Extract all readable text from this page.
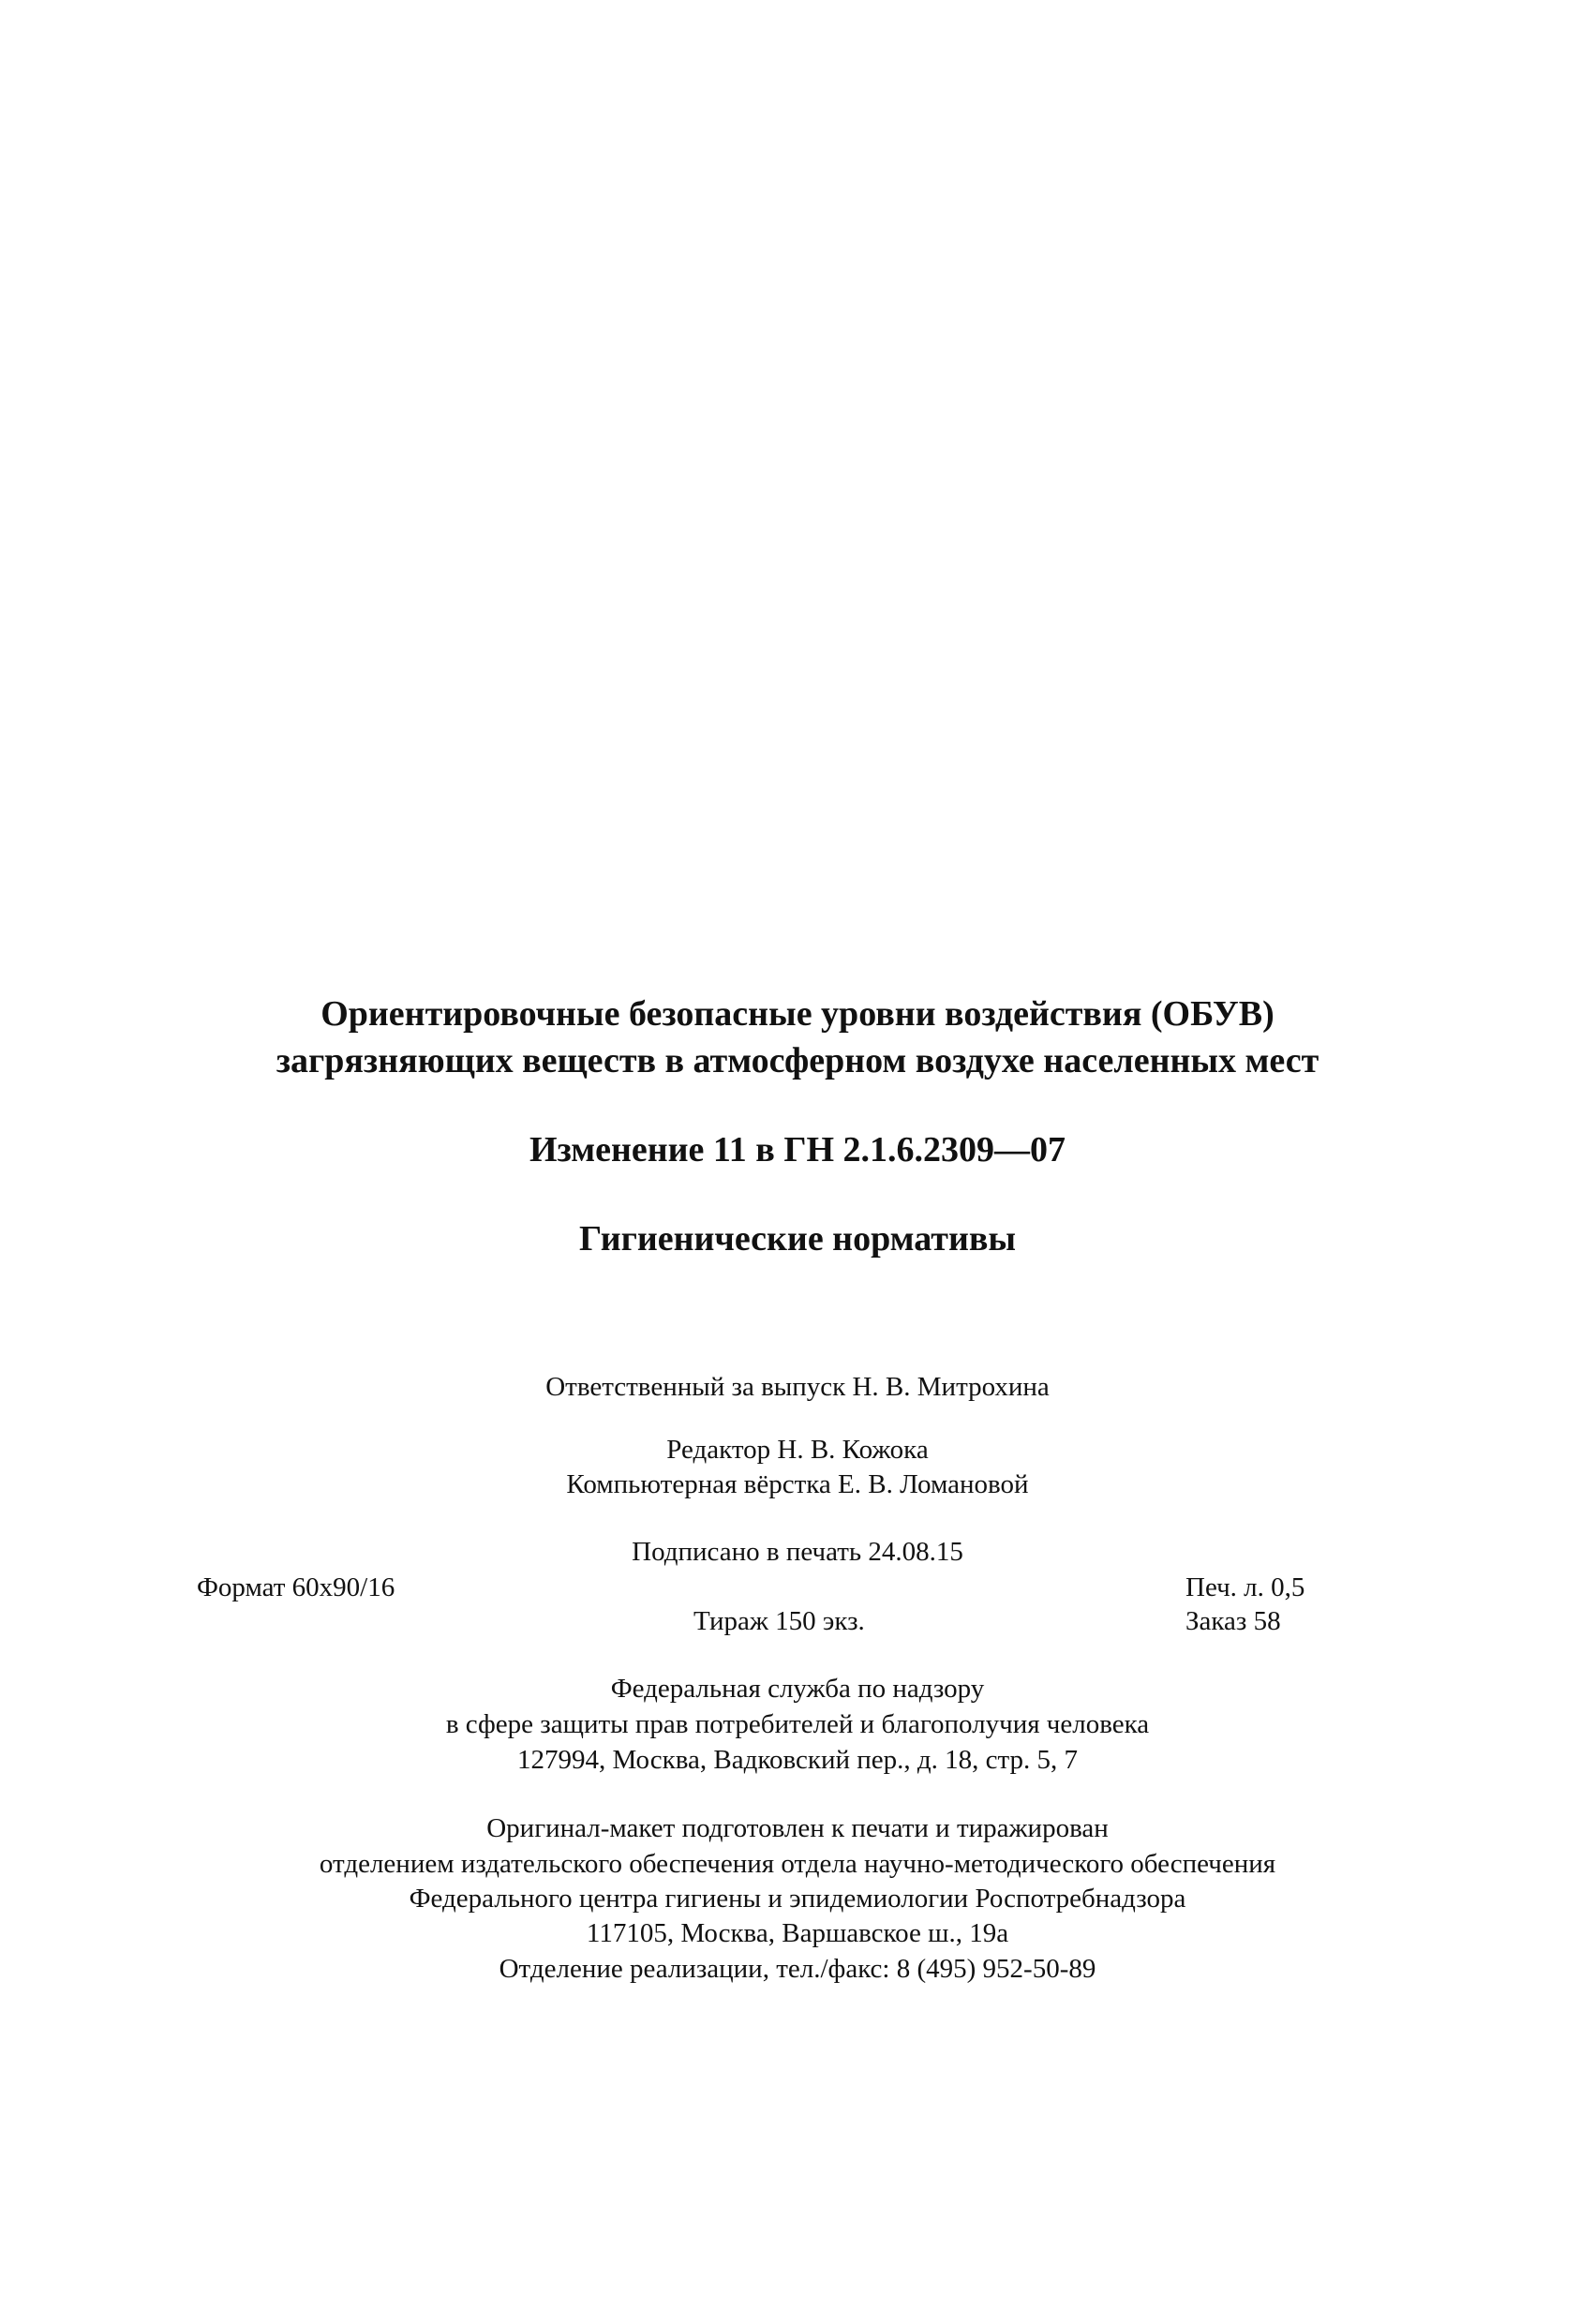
Ориентировочные безопасные уровни воздействия (ОБУВ)
загрязняющих веществ в атмосферном воздухе населенных мест
Изменение 11 в ГН 2.1.6.2309—07
Гигиенические нормативы
Ответственный за выпуск Н. В. Митрохина
Редактор Н. В. Кожока
Компьютерная вёрстка Е. В. Ломановой
Подписано в печать 24.08.15
Формат 60x90/16	Печ. л. 0,5
Тираж 150 экз.	Заказ 58
Федеральная служба по надзору
в сфере защиты прав потребителей и благополучия человека
127994, Москва, Вадковский пер., д. 18, стр. 5, 7
Оригинал-макет подготовлен к печати и тиражирован
отделением издательского обеспечения отдела научно-методического обеспечения
Федерального центра гигиены и эпидемиологии Роспотребнадзора
117105, Москва, Варшавское ш., 19а
Отделение реализации, тел./факс: 8 (495) 952-50-89
